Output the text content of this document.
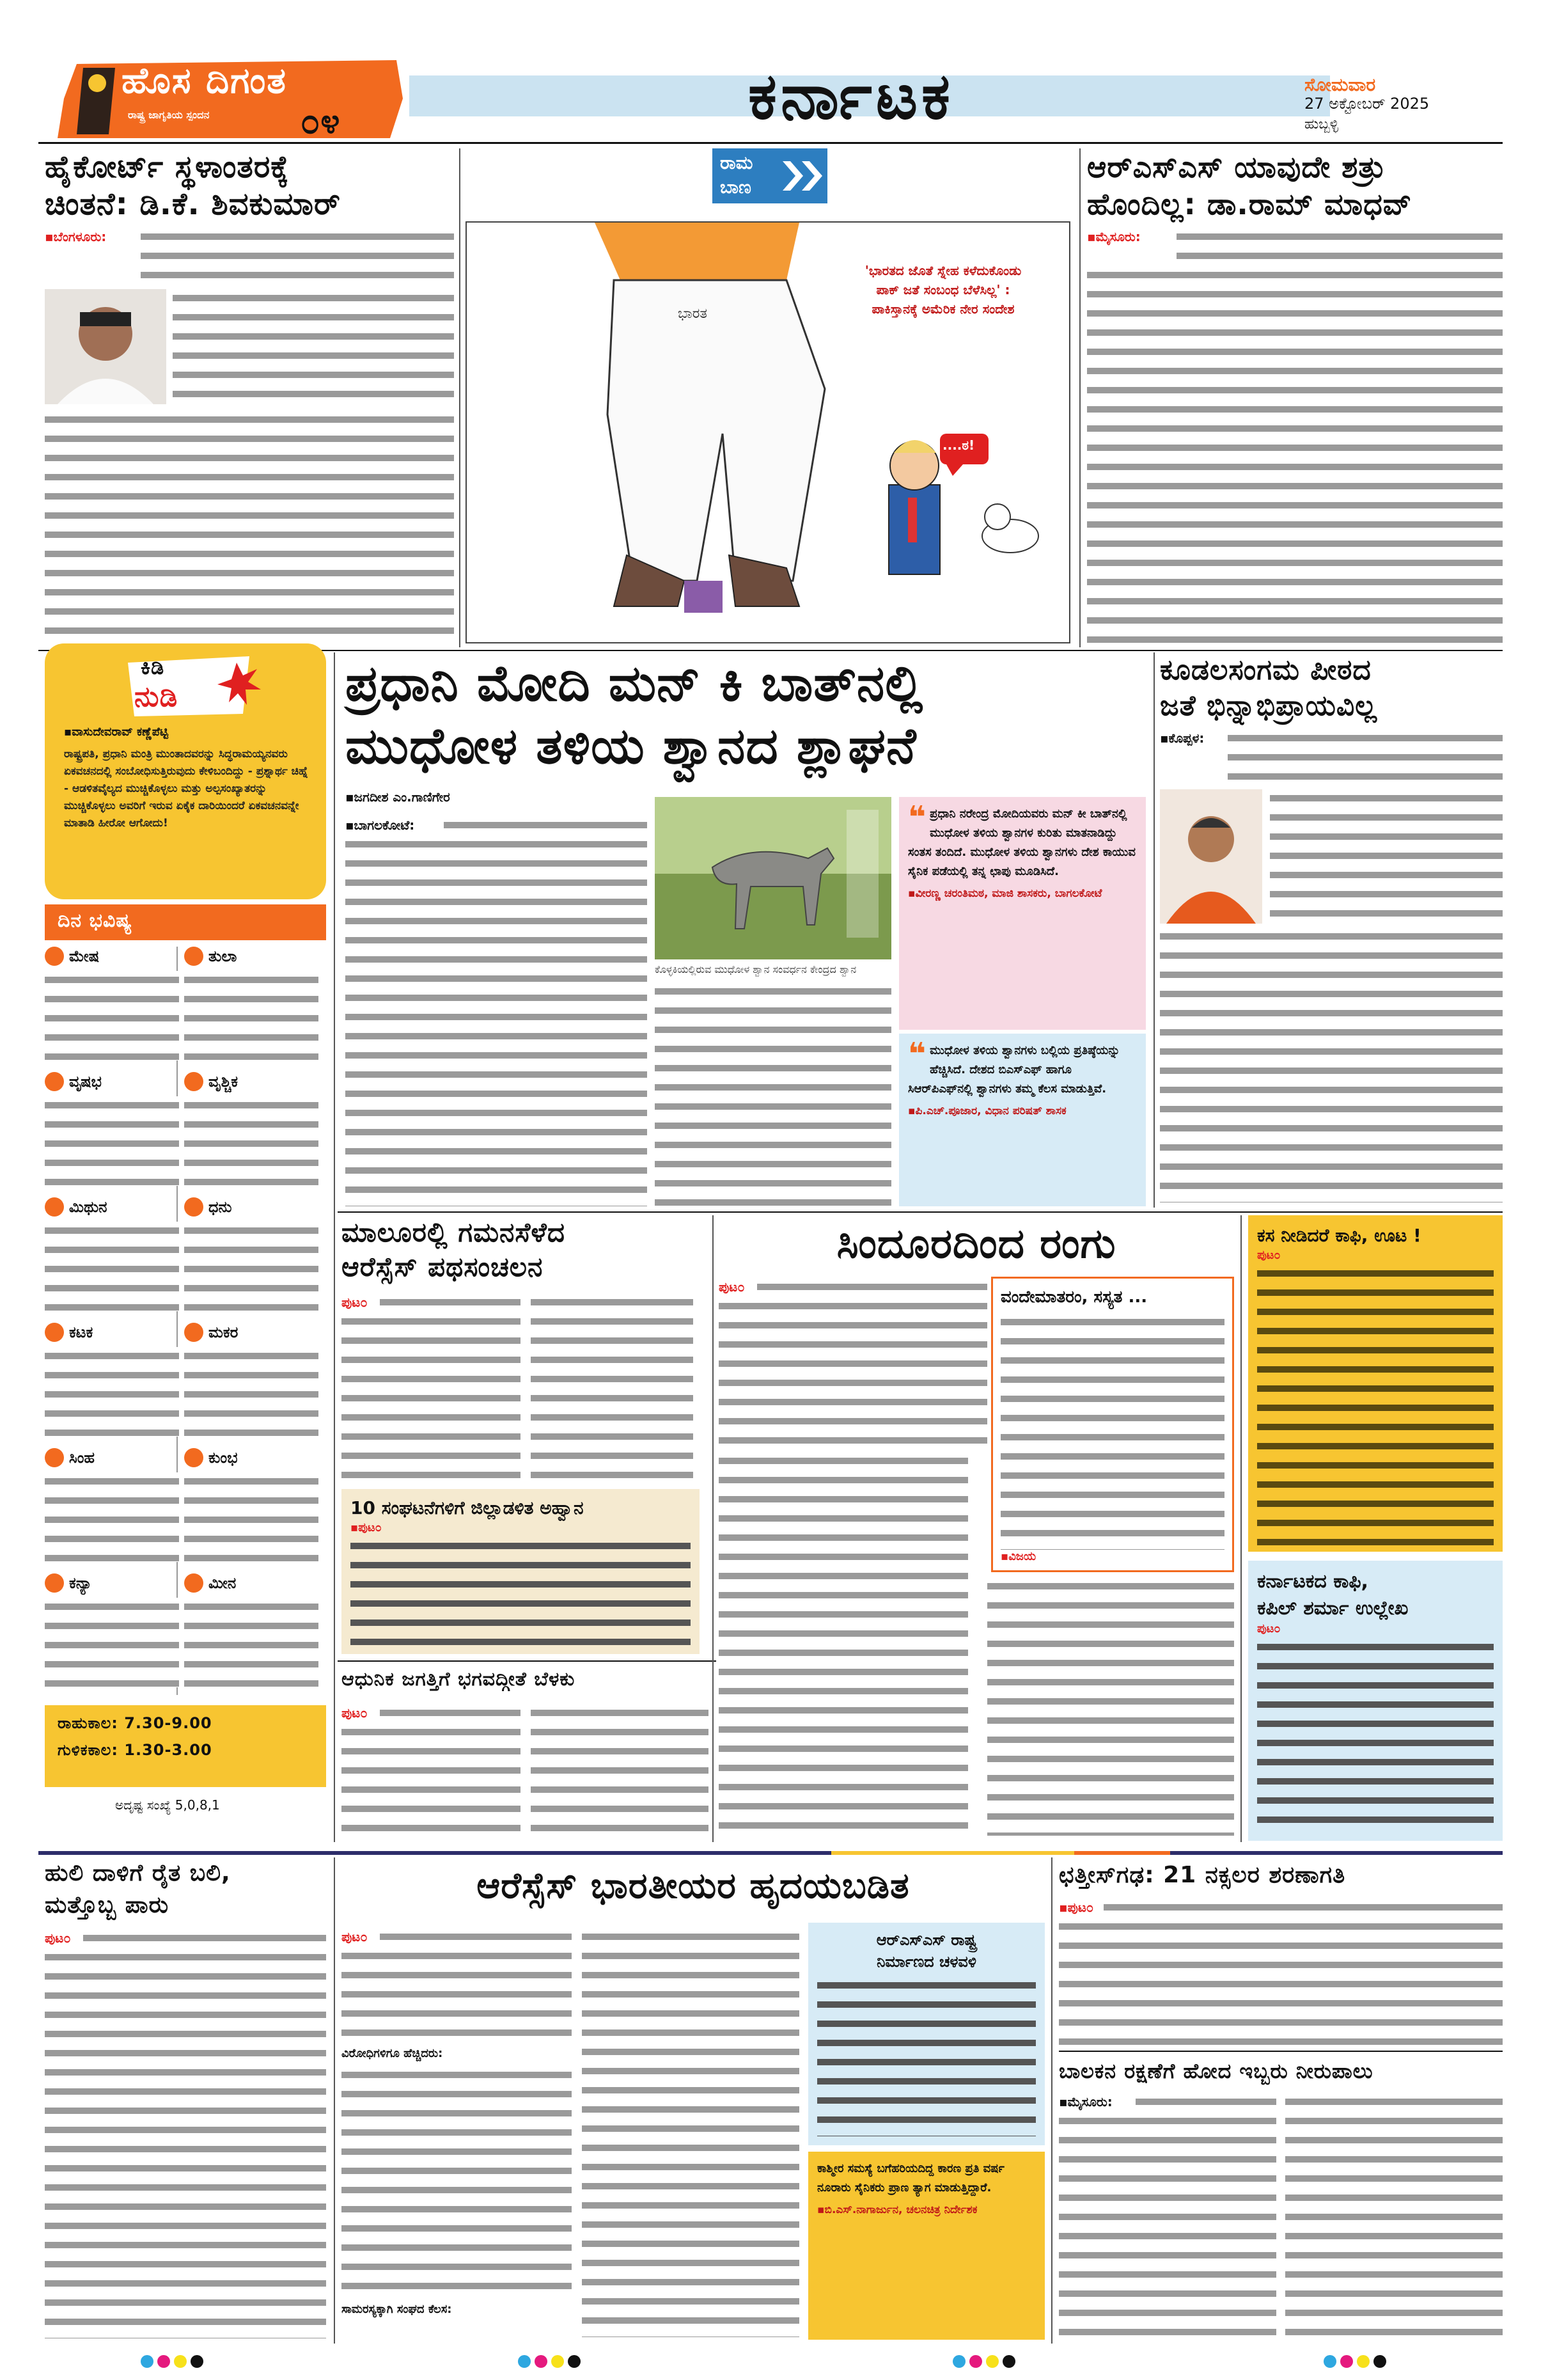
ಹೊಸ ದಿಗಂತ
ರಾಷ್ಟ್ರ ಜಾಗೃತಿಯ ಸ್ಪಂದನ	೦೪	ಕರ್ನಾಟಕ	ಸೋಮವಾರ
27 ಅಕ್ಟೋಬರ್ 2025
ಹುಬ್ಬಳ್ಳಿ
ಹೈಕೋರ್ಟ್ ಸ್ಥಳಾಂತರಕ್ಕೆ
ಚಿಂತನೆ: ಡಿ.ಕೆ. ಶಿವಕುಮಾರ್
▪ಬೆಂಗಳೂರು:
ರಾಮ
ಬಾಣ
ಭಾರತ
....ಠ!
'ಭಾರತದ ಜೊತೆ ಸ್ನೇಹ ಕಳೆದುಕೊಂಡು
ಪಾಕ್ ಜತೆ ಸಂಬಂಧ ಬೆಳೆಸಿಲ್ಲ' :
ಪಾಕಿಸ್ತಾನಕ್ಕೆ ಅಮೆರಿಕ ನೇರ ಸಂದೇಶ
ಆರ್‌ಎಸ್‌ಎಸ್ ಯಾವುದೇ ಶತ್ರು
ಹೊಂದಿಲ್ಲ: ಡಾ.ರಾಮ್ ಮಾಧವ್
▪ಮೈಸೂರು:
ಕಿಡಿ
ನುಡಿ
▪ವಾಸುದೇವರಾವ್ ಕಣ್ಣೆಪೆಟ್ಟಿ
ರಾಷ್ಟ್ರಪತಿ, ಪ್ರಧಾನಿ ಮಂತ್ರಿ ಮುಂತಾದವರನ್ನು ಸಿದ್ಧರಾಮಯ್ಯನವರು ಏಕವಚನದಲ್ಲಿ ಸಂಬೋಧಿಸುತ್ತಿರುವುದು ಕೇಳಿಬಂದಿದ್ದು - ಪ್ರಶ್ನಾರ್ಥ ಚಿಹ್ನೆ - ಆಡಳಿತವೈಲ್ಯದ ಮುಚ್ಚಿಕೊಳ್ಳಲು ಮತ್ತು ಅಲ್ಪಸಂಖ್ಯಾತರನ್ನು ಮುಚ್ಚಿಕೊಳ್ಳಲು ಅವರಿಗೆ ಇರುವ ಏಕೈಕ ದಾರಿಯಿಂದರೆ ಏಕವಚನವನ್ನೇ ಮಾತಾಡಿ ಹೀರೋ ಆಗೋದು!
ದಿನ ಭವಿಷ್ಯ
ಮೇಷ	ತುಲಾ
ವೃಷಭ	ವೃಶ್ಚಿಕ
ಮಿಥುನ	ಧನು
ಕಟಕ	ಮಕರ
ಸಿಂಹ	ಕುಂಭ
ಕನ್ಯಾ	ಮೀನ
ರಾಹುಕಾಲ: 7.30-9.00
ಗುಳಿಕಕಾಲ: 1.30-3.00
ಅದೃಷ್ಟ ಸಂಖ್ಯೆ 5,0,8,1
ಪ್ರಧಾನಿ ಮೋದಿ ಮನ್ ಕಿ ಬಾತ್‌ನಲ್ಲಿ
ಮುಧೋಳ ತಳಿಯ ಶ್ವಾನದ ಶ್ಲಾಘನೆ
▪ಜಗದೀಶ ಎಂ.ಗಾಣಿಗೇರ
▪ಬಾಗಲಕೋಟೆ:
ಕೊಳ್ಳಕಿಯಲ್ಲಿರುವ ಮುಧೋಳ ಶ್ವಾನ ಸಂವರ್ಧನ ಕೇಂದ್ರದ ಶ್ವಾನ
❝ ಪ್ರಧಾನಿ ನರೇಂದ್ರ ಮೋದಿಯವರು ಮನ್ ಕೀ ಬಾತ್‌ನಲ್ಲಿ ಮುಧೋಳ ತಳಿಯ ಶ್ವಾನಗಳ ಕುರಿತು ಮಾತನಾಡಿದ್ದು ಸಂತಸ ತಂದಿದೆ. ಮುಧೋಳ ತಳಿಯ ಶ್ವಾನಗಳು ದೇಶ ಕಾಯುವ ಸೈನಿಕ ಪಡೆಯಲ್ಲಿ ತನ್ನ ಛಾಪು ಮೂಡಿಸಿದೆ.
▪ವೀರಣ್ಣ ಚರಂತಿಮಠ, ಮಾಜಿ ಶಾಸಕರು, ಬಾಗಲಕೋಟೆ
❝ ಮುಧೋಳ ತಳಿಯ ಶ್ವಾನಗಳು ಬಲ್ಲಿಯ ಪ್ರತಿಷ್ಠೆಯನ್ನು ಹೆಚ್ಚಿಸಿದೆ. ದೇಶದ ಬಿಎಸ್‌ಎಫ್ ಹಾಗೂ ಸಿಆರ್‌ಪಿಎಫ್‌ನಲ್ಲಿ ಶ್ವಾನಗಳು ತಮ್ಮ ಕೆಲಸ ಮಾಡುತ್ತಿವೆ.
▪ಪಿ.ಎಚ್.ಪೂಜಾರ, ವಿಧಾನ ಪರಿಷತ್ ಶಾಸಕ
ಕೂಡಲಸಂಗಮ ಪೀಠದ
ಜತೆ ಭಿನ್ನಾಭಿಪ್ರಾಯವಿಲ್ಲ
▪ಕೊಪ್ಪಳ:
ಮಾಲೂರಲ್ಲಿ ಗಮನಸೆಳೆದ
ಆರೆಸ್ಸೆಸ್ ಪಥಸಂಚಲನ
ಪುಟ೦
10 ಸಂಘಟನೆಗಳಿಗೆ ಜಿಲ್ಲಾಡಳಿತ ಅಹ್ವಾನ
▪ಪುಟ೦
ಆಧುನಿಕ ಜಗತ್ತಿಗೆ ಭಗವದ್ಗೀತೆ ಬೆಳಕು
ಪುಟ೦
ಸಿಂದೂರದಿಂದ ರಂಗು
ಪುಟ೦
ವಂದೇಮಾತರಂ, ಸಸ್ಯತ ...
▪ವಿಜಯ
ಕಸ ನೀಡಿದರೆ ಕಾಫಿ, ಊಟ !
ಪುಟ೦
ಕರ್ನಾಟಕದ ಕಾಫಿ,
ಕಪಿಲ್ ಶರ್ಮಾ ಉಲ್ಲೇಖ
ಪುಟ೦
ಹುಲಿ ದಾಳಿಗೆ ರೈತ ಬಲಿ,
ಮತ್ತೊಬ್ಬ ಪಾರು
ಪುಟ೦
ಆರೆಸ್ಸೆಸ್ ಭಾರತೀಯರ ಹೃದಯಬಡಿತ
ಪುಟ೦
ವಿರೋಧಿಗಳಿಗೂ ಹೆಚ್ಚಿದರು:
ಸಾಮರಸ್ಯಕ್ಕಾಗಿ ಸಂಘದ ಕೆಲಸ:
ಆರ್‌ಎಸ್‌ಎಸ್ ರಾಷ್ಟ್ರ
ನಿರ್ಮಾಣದ ಚಳವಳಿ
ಕಾಶ್ಮೀರ ಸಮಸ್ಯೆ ಬಗೆಹರಿಯದಿದ್ದ ಕಾರಣ ಪ್ರತಿ ವರ್ಷ ನೂರಾರು ಸೈನಿಕರು ಪ್ರಾಣ ತ್ಯಾಗ ಮಾಡುತ್ತಿದ್ದಾರೆ.
▪ಬಿ.ಎಸ್.ನಾಗಾರ್ಜುನ, ಚಲನಚಿತ್ರ ನಿರ್ದೇಶಕ
ಛತ್ತೀಸ್‌ಗಢ: 21 ನಕ್ಸಲರ ಶರಣಾಗತಿ
▪ಪುಟ೦
ಬಾಲಕನ ರಕ್ಷಣೆಗೆ ಹೋದ ಇಬ್ಬರು ನೀರುಪಾಲು
▪ಮೈಸೂರು:
